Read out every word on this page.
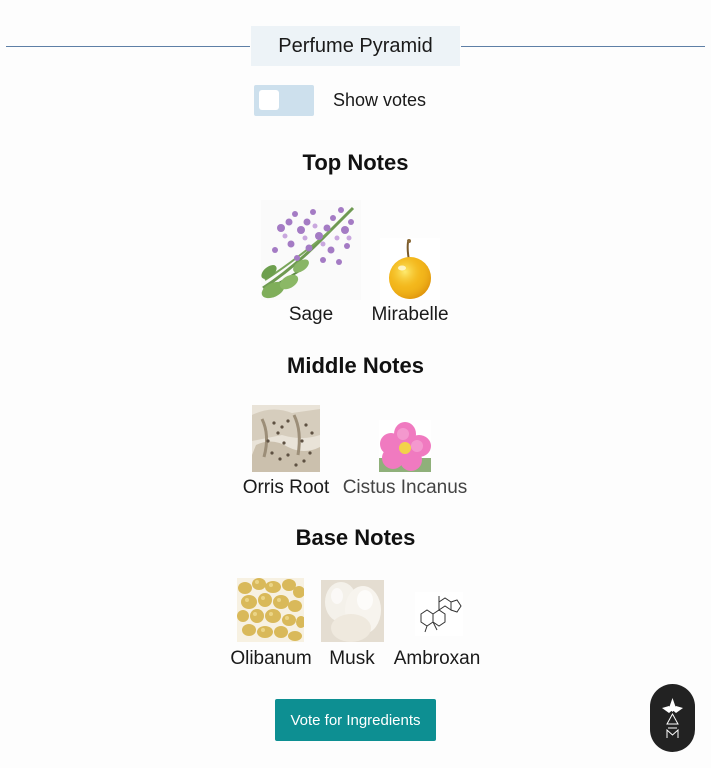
Perfume Pyramid
Show votes
Top Notes
Sage	Mirabelle
Middle Notes
Orris Root Cistus Incanus
Base Notes
Olibanum Musk Ambroxan
Vote for Ingredients
